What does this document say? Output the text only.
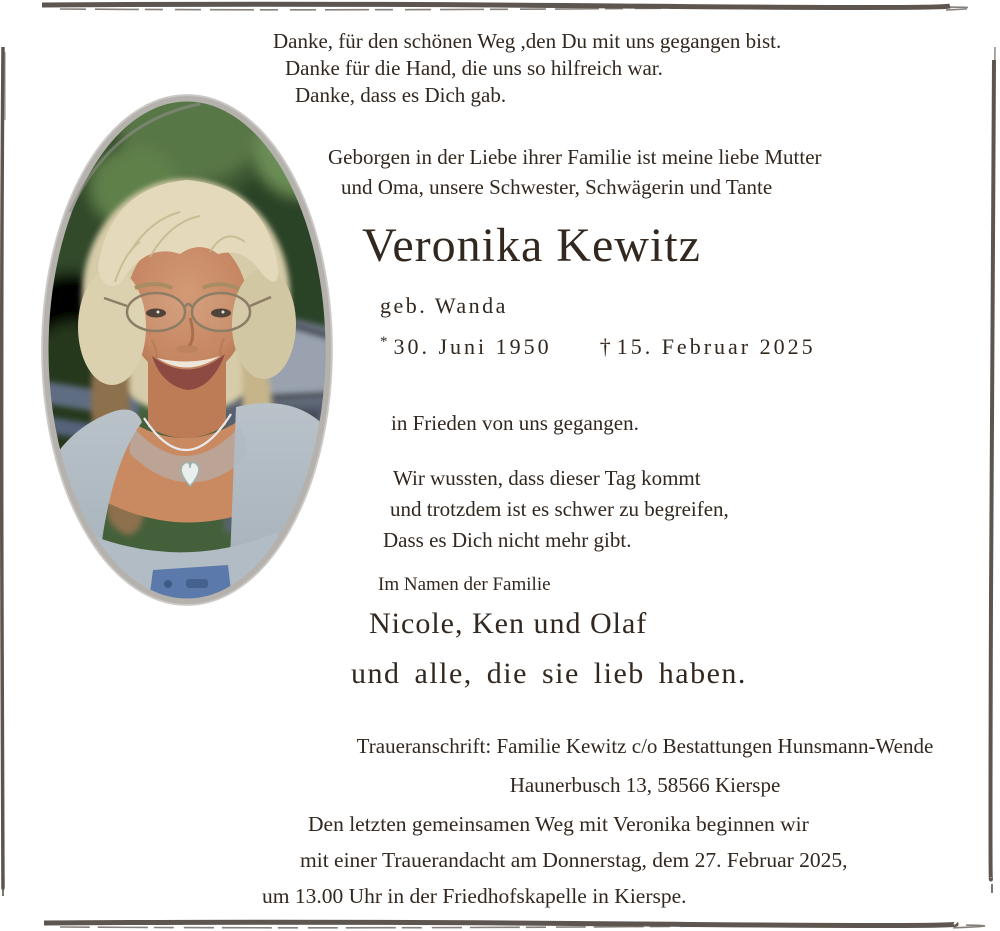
Danke, für den schönen Weg ,den Du mit uns gegangen bist.
Danke für die Hand, die uns so hilfreich war.
Danke, dass es Dich gab.
Geborgen in der Liebe ihrer Familie ist meine liebe Mutter
und Oma, unsere Schwester, Schwägerin und Tante
Veronika Kewitz
geb. Wanda
* 30. Juni 1950 † 15. Februar 2025
in Frieden von uns gegangen.
Wir wussten, dass dieser Tag kommt
und trotzdem ist es schwer zu begreifen,
Dass es Dich nicht mehr gibt.
Im Namen der Familie
Nicole, Ken und Olaf
und alle, die sie lieb haben.
Traueranschrift: Familie Kewitz c/o Bestattungen Hunsmann-Wende
Haunerbusch 13, 58566 Kierspe
Den letzten gemeinsamen Weg mit Veronika beginnen wir
mit einer Trauerandacht am Donnerstag, dem 27. Februar 2025,
um 13.00 Uhr in der Friedhofskapelle in Kierspe.
